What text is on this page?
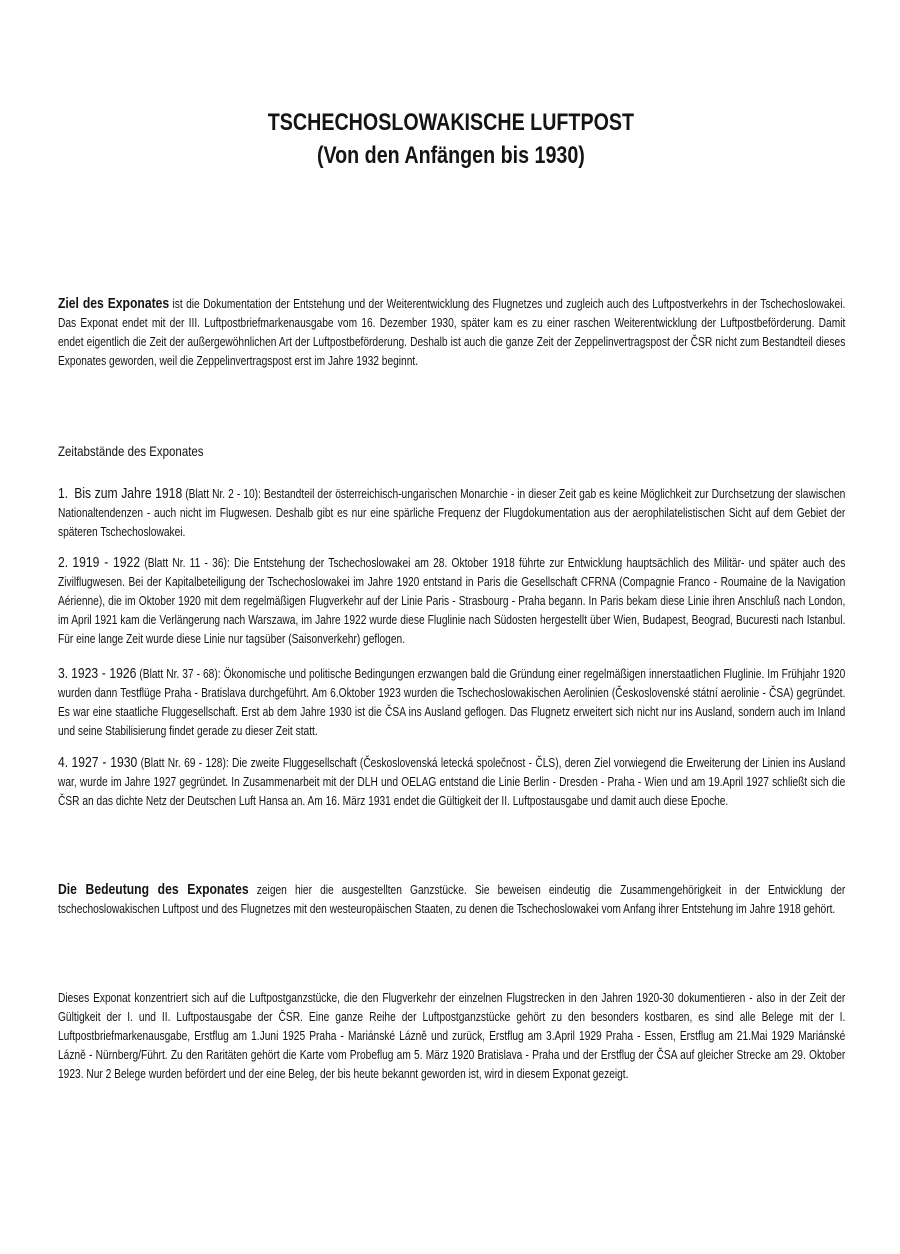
TSCHECHOSLOWAKISCHE LUFTPOST
(Von den Anfängen bis 1930)
Ziel des Exponates ist die Dokumentation der Entstehung und der Weiterentwicklung des Flugnetzes und zugleich auch des Luftpostverkehrs in der Tschechoslowakei. Das Exponat endet mit der III. Luftpostbriefmarkenausgabe vom 16. Dezember 1930, später kam es zu einer raschen Weiterentwicklung der Luftpostbeförderung. Damit endet eigentlich die Zeit der außergewöhnlichen Art der Luftpostbeförderung. Deshalb ist auch die ganze Zeit der Zeppelinvertragspost der ČSR nicht zum Bestandteil dieses Exponates geworden, weil die Zeppelinvertragspost erst im Jahre 1932 beginnt.
Zeitabstände des Exponates
1. Bis zum Jahre 1918 (Blatt Nr. 2 - 10): Bestandteil der österreichisch-ungarischen Monarchie - in dieser Zeit gab es keine Möglichkeit zur Durchsetzung der slawischen Nationaltendenzen - auch nicht im Flugwesen. Deshalb gibt es nur eine spärliche Frequenz der Flugdokumentation aus der aerophilatelistischen Sicht auf dem Gebiet der späteren Tschechoslowakei.
2. 1919 - 1922 (Blatt Nr. 11 - 36): Die Entstehung der Tschechoslowakei am 28. Oktober 1918 führte zur Entwicklung hauptsächlich des Militär- und später auch des Zivilflugwesen. Bei der Kapitalbeteiligung der Tschechoslowakei im Jahre 1920 entstand in Paris die Gesellschaft CFRNA (Compagnie Franco - Roumaine de la Navigation Aérienne), die im Oktober 1920 mit dem regelmäßigen Flugverkehr auf der Linie Paris - Strasbourg - Praha begann. In Paris bekam diese Linie ihren Anschluß nach London, im April 1921 kam die Verlängerung nach Warszawa, im Jahre 1922 wurde diese Fluglinie nach Südosten hergestellt über Wien, Budapest, Beograd, Bucuresti nach Istanbul. Für eine lange Zeit wurde diese Linie nur tagsüber (Saisonverkehr) geflogen.
3. 1923 - 1926 (Blatt Nr. 37 - 68): Ökonomische und politische Bedingungen erzwangen bald die Gründung einer regelmäßigen innerstaatlichen Fluglinie. Im Frühjahr 1920 wurden dann Testflüge Praha - Bratislava durchgeführt. Am 6.Oktober 1923 wurden die Tschechoslowakischen Aerolinien (Československé státní aerolinie - ČSA) gegründet. Es war eine staatliche Fluggesellschaft. Erst ab dem Jahre 1930 ist die ČSA ins Ausland geflogen. Das Flugnetz erweitert sich nicht nur ins Ausland, sondern auch im Inland und seine Stabilisierung findet gerade zu dieser Zeit statt.
4. 1927 - 1930 (Blatt Nr. 69 - 128): Die zweite Fluggesellschaft (Československá letecká společnost - ČLS), deren Ziel vorwiegend die Erweiterung der Linien ins Ausland war, wurde im Jahre 1927 gegründet. In Zusammenarbeit mit der DLH und OELAG entstand die Linie Berlin - Dresden - Praha - Wien und am 19.April 1927 schließt sich die ČSR an das dichte Netz der Deutschen Luft Hansa an. Am 16. März 1931 endet die Gültigkeit der II. Luftpostausgabe und damit auch diese Epoche.
Die Bedeutung des Exponates zeigen hier die ausgestellten Ganzstücke. Sie beweisen eindeutig die Zusammengehörigkeit in der Entwicklung der tschechoslowakischen Luftpost und des Flugnetzes mit den westeuropäischen Staaten, zu denen die Tschechoslowakei vom Anfang ihrer Entstehung im Jahre 1918 gehört.
Dieses Exponat konzentriert sich auf die Luftpostganzstücke, die den Flugverkehr der einzelnen Flugstrecken in den Jahren 1920-30 dokumentieren - also in der Zeit der Gültigkeit der I. und II. Luftpostausgabe der ČSR. Eine ganze Reihe der Luftpostganzstücke gehört zu den besonders kostbaren, es sind alle Belege mit der I. Luftpostbriefmarkenausgabe, Erstflug am 1.Juni 1925 Praha - Mariánské Lázně und zurück, Erstflug am 3.April 1929 Praha - Essen, Erstflug am 21.Mai 1929 Mariánské Lázně - Nürnberg/Führt. Zu den Raritäten gehört die Karte vom Probeflug am 5. März 1920 Bratislava - Praha und der Erstflug der ČSA auf gleicher Strecke am 29. Oktober 1923. Nur 2 Belege wurden befördert und der eine Beleg, der bis heute bekannt geworden ist, wird in diesem Exponat gezeigt.
